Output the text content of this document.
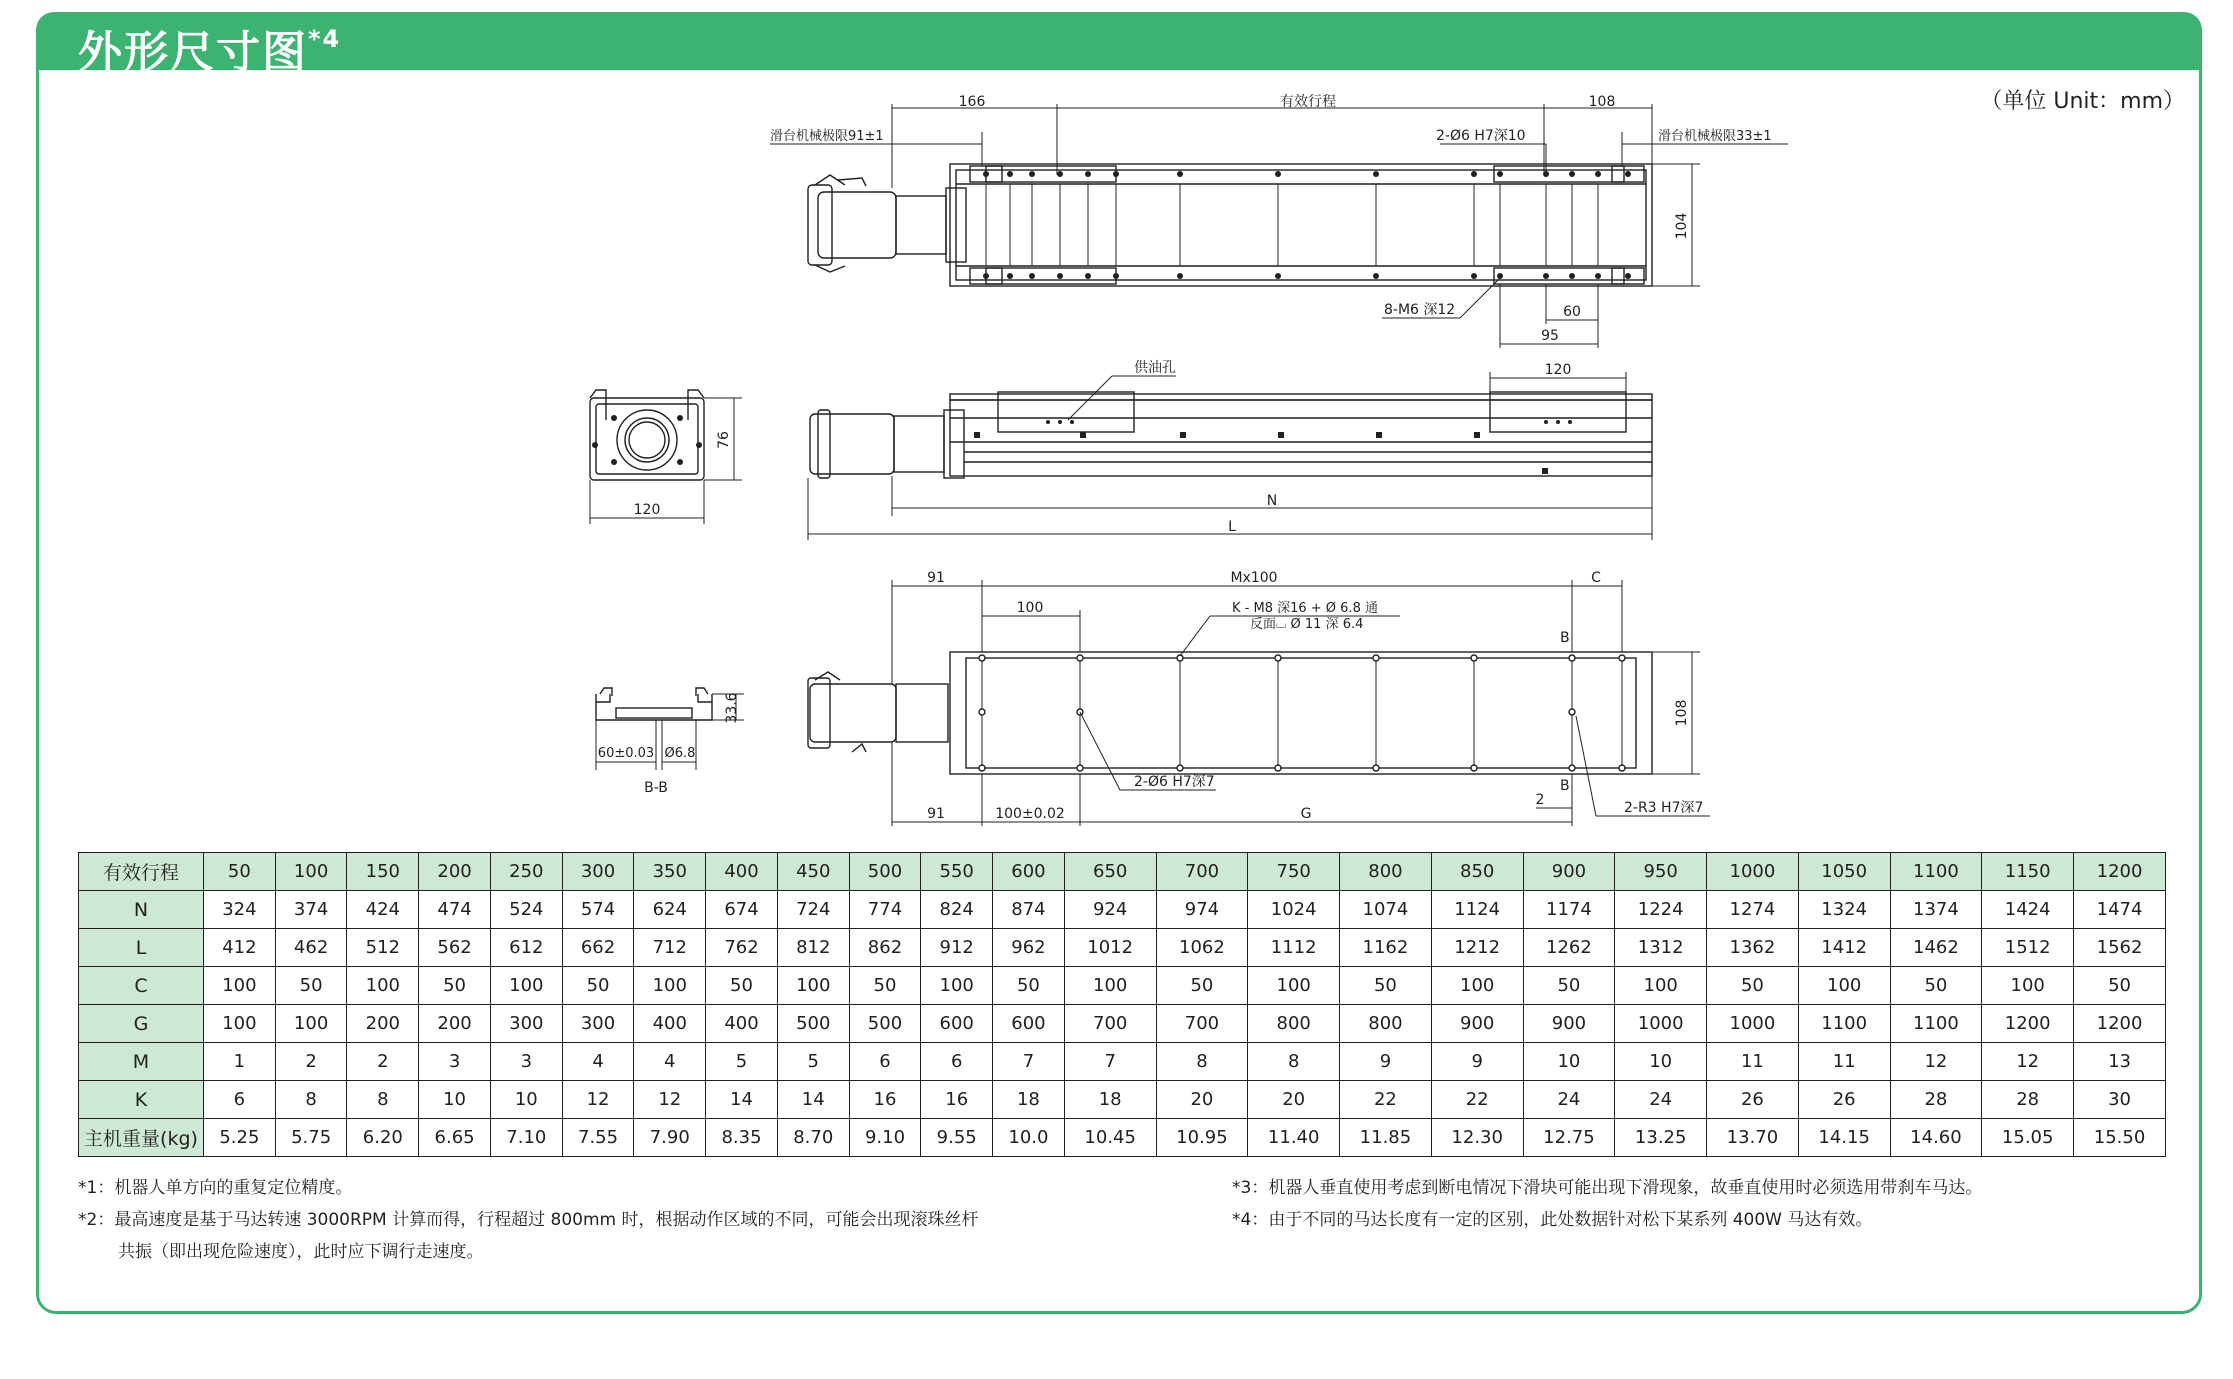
外形尺寸图$^{*4}$
（单位 Unit：mm）
166	有效行程	108
滑台机械极限91±1	滑台机械极限33±1
2-Ø6 H7深10
104
8-M6 深12	60
95
76
120
供油孔	120
N
L
33.6
60±0.03 Ø6.8
B-B
91
100
Mx100	C
K - M8 深16 + Ø 6.8 通
反面⌴ Ø 11 深 6.4
B
B
108
2-Ø6 H7深7
2-R3 H7深7
91	100±0.02	G
2
有效行程	50	100	150	200	250	300	350	400	450	500	550	600	650	700	750	800	850	900	950	1000	1050	1100	1150	1200
N	324	374	424	474	524	574	624	674	724	774	824	874	924	974	1024	1074	1124	1174	1224	1274	1324	1374	1424	1474
L	412	462	512	562	612	662	712	762	812	862	912	962	1012	1062	1112	1162	1212	1262	1312	1362	1412	1462	1512	1562
C	100	50	100	50	100	50	100	50	100	50	100	50	100	50	100	50	100	50	100	50	100	50	100	50
G	100	100	200	200	300	300	400	400	500	500	600	600	700	700	800	800	900	900	1000	1000	1100	1100	1200	1200
M	1	2	2	3	3	4	4	5	5	6	6	7	7	8	8	9	9	10	10	11	11	12	12	13
K	6	8	8	10	10	12	12	14	14	16	16	18	18	20	20	22	22	24	24	26	26	28	28	30
主机重量(kg)	5.25	5.75	6.20	6.65	7.10	7.55	7.90	8.35	8.70	9.10	9.55	10.0	10.45	10.95	11.40	11.85	12.30	12.75	13.25	13.70	14.15	14.60	15.05	15.50
*1：机器人单方向的重复定位精度。
*2：最高速度是基于马达转速 3000RPM 计算而得，行程超过 800mm 时，根据动作区域的不同，可能会出现滚珠丝杆
共振（即出现危险速度），此时应下调行走速度。
*3：机器人垂直使用考虑到断电情况下滑块可能出现下滑现象，故垂直使用时必须选用带刹车马达。
*4：由于不同的马达长度有一定的区别，此处数据针对松下某系列 400W 马达有效。
